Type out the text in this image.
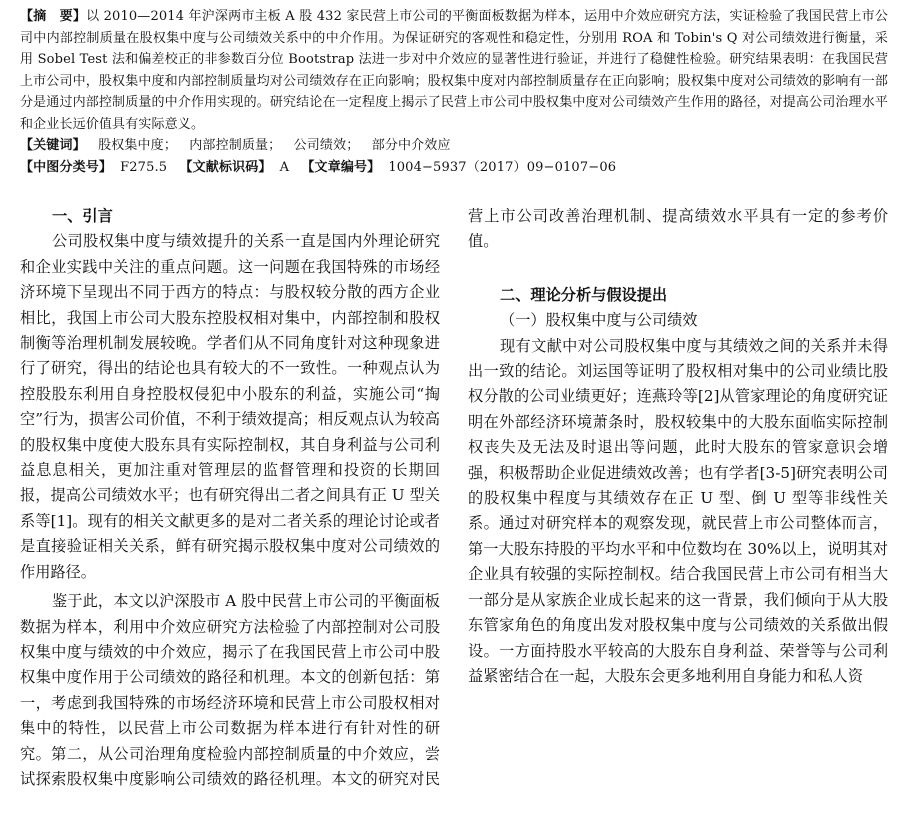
【摘　要】以 2010—2014 年沪深两市主板 A 股 432 家民营上市公司的平衡面板数据为样本，运用中介效应研究方法，实证检验了我国民营上市公司中内部控制质量在股权集中度与公司绩效关系中的中介作用。为保证研究的客观性和稳定性，分别用 ROA 和 Tobin's Q 对公司绩效进行衡量，采用 Sobel Test 法和偏差校正的非参数百分位 Bootstrap 法进一步对中介效应的显著性进行验证，并进行了稳健性检验。研究结果表明：在我国民营上市公司中，股权集中度和内部控制质量均对公司绩效存在正向影响；股权集中度对内部控制质量存在正向影响；股权集中度对公司绩效的影响有一部分是通过内部控制质量的中介作用实现的。研究结论在一定程度上揭示了民营上市公司中股权集中度对公司绩效产生作用的路径，对提高公司治理水平和企业长远价值具有实际意义。
【关键词】 股权集中度； 内部控制质量； 公司绩效； 部分中介效应
【中图分类号】 F275.5 【文献标识码】 A 【文章编号】 1004−5937（2017）09−0107−06
一、引言

公司股权集中度与绩效提升的关系一直是国内外理论研究和企业实践中关注的重点问题。这一问题在我国特殊的市场经济环境下呈现出不同于西方的特点：与股权较分散的西方企业相比，我国上市公司大股东控股权相对集中，内部控制和股权制衡等治理机制发展较晚。学者们从不同角度针对这种现象进行了研究，得出的结论也具有较大的不一致性。一种观点认为控股股东利用自身控股权侵犯中小股东的利益，实施公司“掏空”行为，损害公司价值，不利于绩效提高；相反观点认为较高的股权集中度使大股东具有实际控制权，其自身利益与公司利益息息相关，更加注重对管理层的监督管理和投资的长期回报，提高公司绩效水平；也有研究得出二者之间具有正 U 型关系等[1]。现有的相关文献更多的是对二者关系的理论讨论或者是直接验证相关关系，鲜有研究揭示股权集中度对公司绩效的作用路径。

鉴于此，本文以沪深股市 A 股中民营上市公司的平衡面板数据为样本，利用中介效应研究方法检验了内部控制对公司股权集中度与绩效的中介效应，揭示了在我国民营上市公司中股权集中度作用于公司绩效的路径和机理。本文的创新包括：第一，考虑到我国特殊的市场经济环境和民营上市公司股权相对集中的特性，以民营上市公司数据为样本进行有针对性的研究。第二，从公司治理角度检验内部控制质量的中介效应，尝试探索股权集中度影响公司绩效的路径机理。本文的研究对民营上市公司改善治理机制、提高绩效水平具有一定的参考价值。

二、理论分析与假设提出
（一）股权集中度与公司绩效

现有文献中对公司股权集中度与其绩效之间的关系并未得出一致的结论。刘运国等证明了股权相对集中的公司业绩比股权分散的公司业绩更好；连燕玲等[2]从管家理论的角度研究证明在外部经济环境萧条时，股权较集中的大股东面临实际控制权丧失及无法及时退出等问题，此时大股东的管家意识会增强，积极帮助企业促进绩效改善；也有学者[3-5]研究表明公司的股权集中程度与其绩效存在正 U 型、倒 U 型等非线性关系。通过对研究样本的观察发现，就民营上市公司整体而言，第一大股东持股的平均水平和中位数均在 30%以上，说明其对企业具有较强的实际控制权。结合我国民营上市公司有相当大一部分是从家族企业成长起来的这一背景，我们倾向于从大股东管家角色的角度出发对股权集中度与公司绩效的关系做出假设。一方面持股水平较高的大股东自身利益、荣誉等与公司利益紧密结合在一起，大股东会更多地利用自身能力和私人资
